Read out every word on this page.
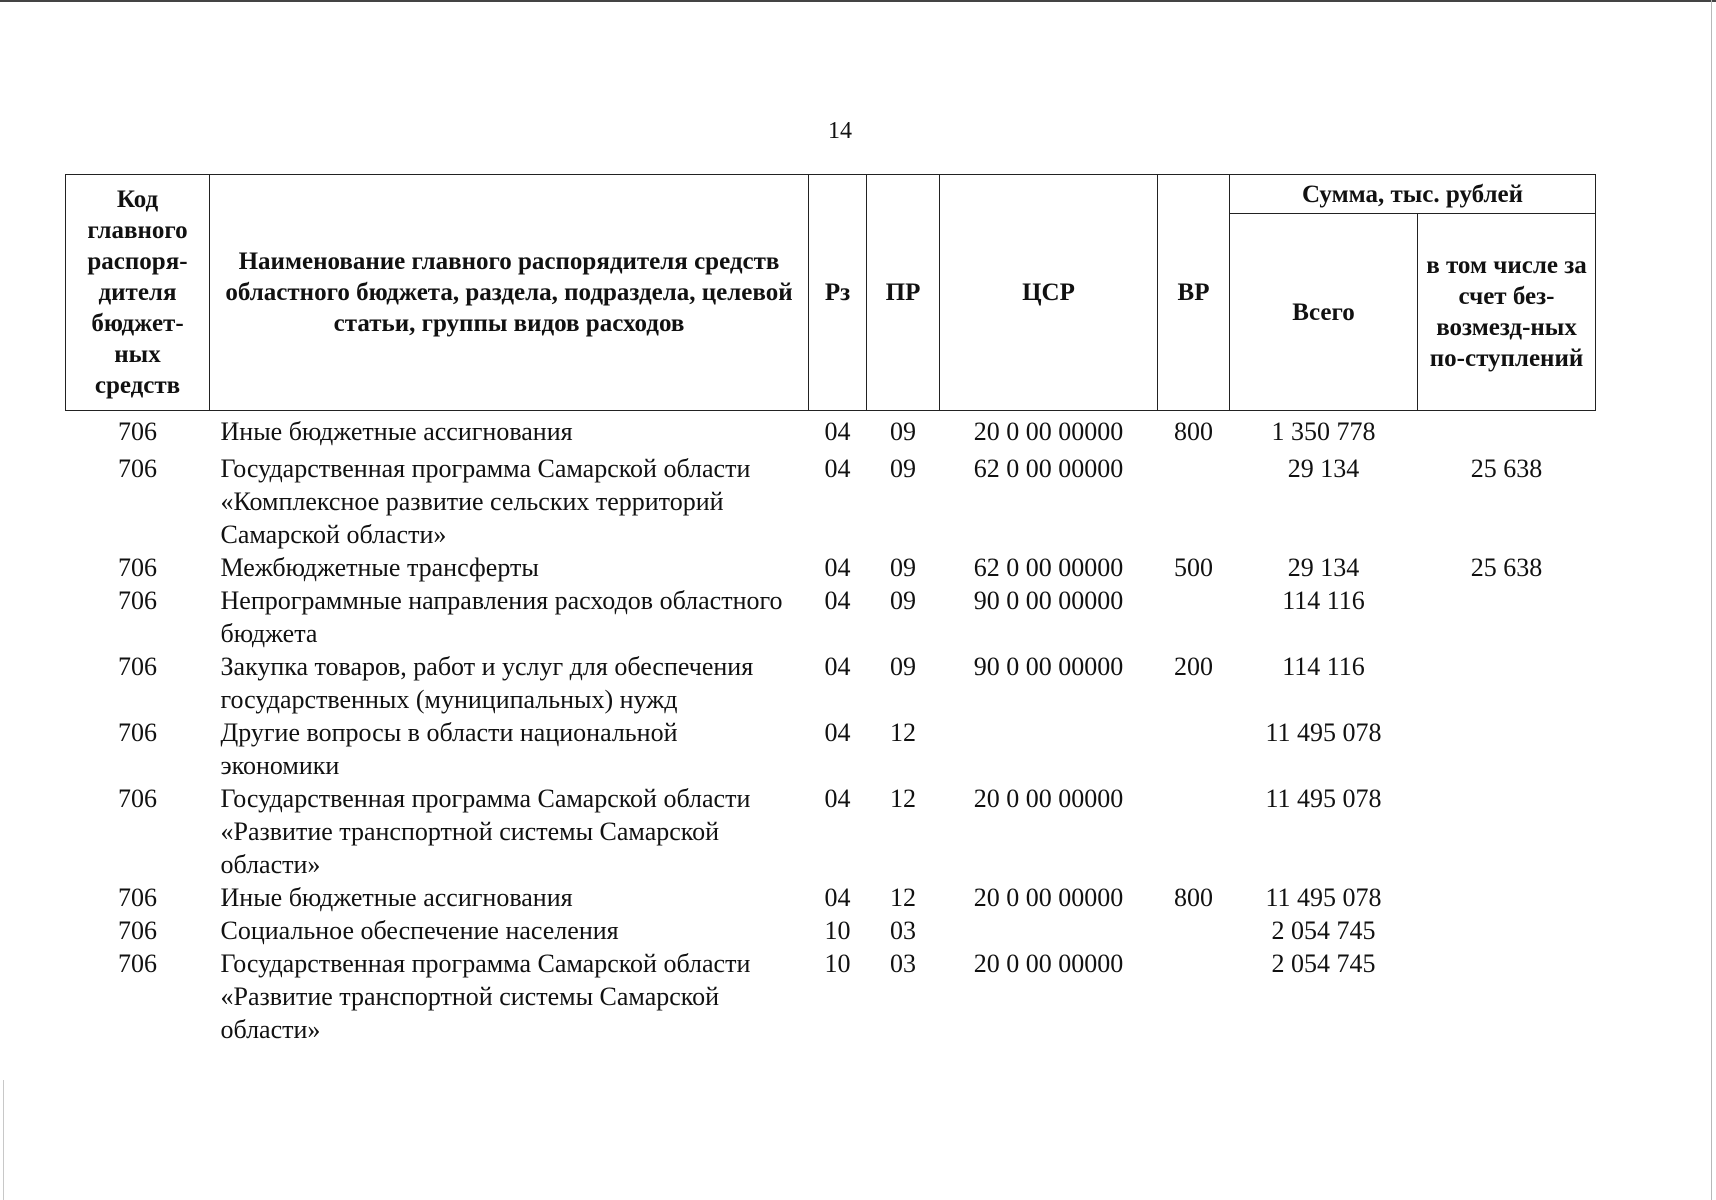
14
Код главного распоря-дителя бюджет-ных средств	Наименование главного распорядителя средств областного бюджета, раздела, подраздела, целевой статьи, группы видов расходов	Рз	ПР	ЦСР	ВР	Сумма, тыс. рублей	
						Всего	в том числе за счет без-возмезд-ных по-ступлений
706	Иные бюджетные ассигнования	04	09	20 0 00 00000	800	1 350 778	
706	Государственная программа Самарской области «Комплексное развитие сельских территорий Самарской области»	04	09	62 0 00 00000		29 134	25 638
706	Межбюджетные трансферты	04	09	62 0 00 00000	500	29 134	25 638
706	Непрограммные направления расходов областного бюджета	04	09	90 0 00 00000		114 116	
706	Закупка товаров, работ и услуг для обеспечения государственных (муниципальных) нужд	04	09	90 0 00 00000	200	114 116	
706	Другие вопросы в области национальной экономики	04	12			11 495 078	
706	Государственная программа Самарской области «Развитие транспортной системы Самарской области»	04	12	20 0 00 00000		11 495 078	
706	Иные бюджетные ассигнования	04	12	20 0 00 00000	800	11 495 078	
706	Социальное обеспечение населения	10	03			2 054 745	
706	Государственная программа Самарской области «Развитие транспортной системы Самарской области»	10	03	20 0 00 00000		2 054 745	
